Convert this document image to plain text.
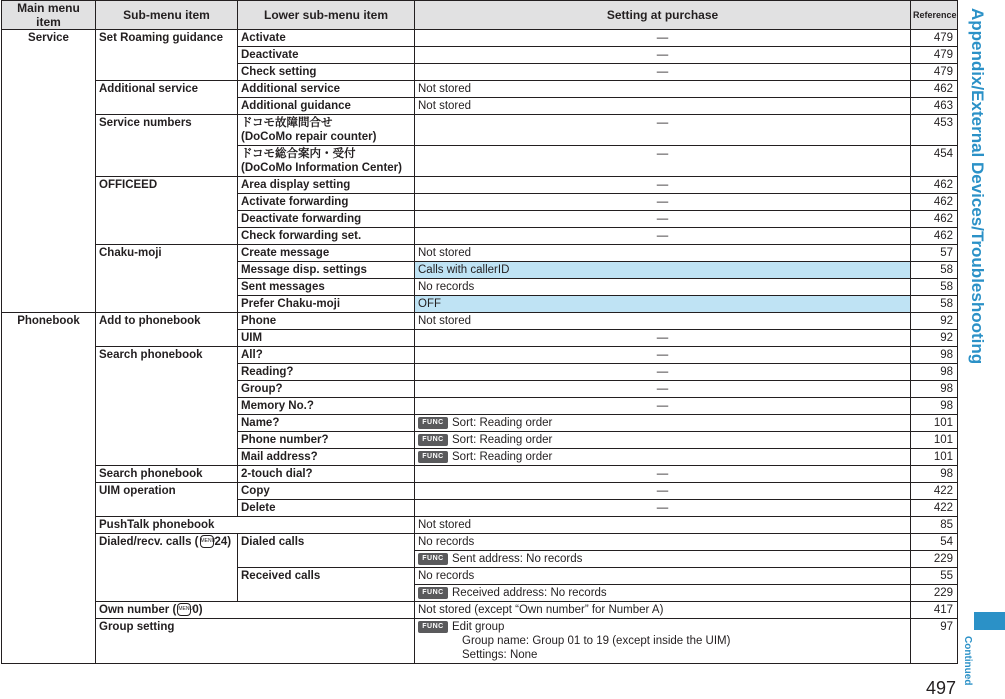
Main menu item	Sub-menu item	Lower sub-menu item	Setting at purchase	Reference
Service	Set Roaming guidance	Activate	—	479
		Deactivate	—	479
		Check setting	—	479
	Additional service	Additional service	Not stored	462
		Additional guidance	Not stored	463
	Service numbers	ドコモ故障問合せ
(DoCoMo repair counter)	—	453
		ドコモ総合案内・受付
(DoCoMo Information Center)	—	454
	OFFICEED	Area display setting	—	462
		Activate forwarding	—	462
		Deactivate forwarding	—	462
		Check forwarding set.	—	462
	Chaku-moji	Create message	Not stored	57
		Message disp. settings	Calls with callerID	58
		Sent messages	No records	58
		Prefer Chaku-moji	OFF	58
Phonebook	Add to phonebook	Phone	Not stored	92
		UIM	—	92
	Search phonebook	All?	—	98
		Reading?	—	98
		Group?	—	98
		Memory No.?	—	98
		Name?	FUNC Sort: Reading order	101
		Phone number?	FUNC Sort: Reading order	101
		Mail address?	FUNC Sort: Reading order	101
	Search phonebook	2-touch dial?	—	98
	UIM operation	Copy	—	422
		Delete	—	422
	PushTalk phonebook		Not stored	85
	Dialed/recv. calls ( MENU24)	Dialed calls	No records	54
			FUNC Sent address: No records	229
		Received calls	No records	55
			FUNC Received address: No records	229
	Own number ( MENU0)		Not stored (except “Own number” for Number A)	417
	Group setting		FUNC Edit group
Group name: Group 01 to 19 (except inside the UIM)
Settings: None	97
Appendix/External Devices/Troubleshooting
Continued
497
